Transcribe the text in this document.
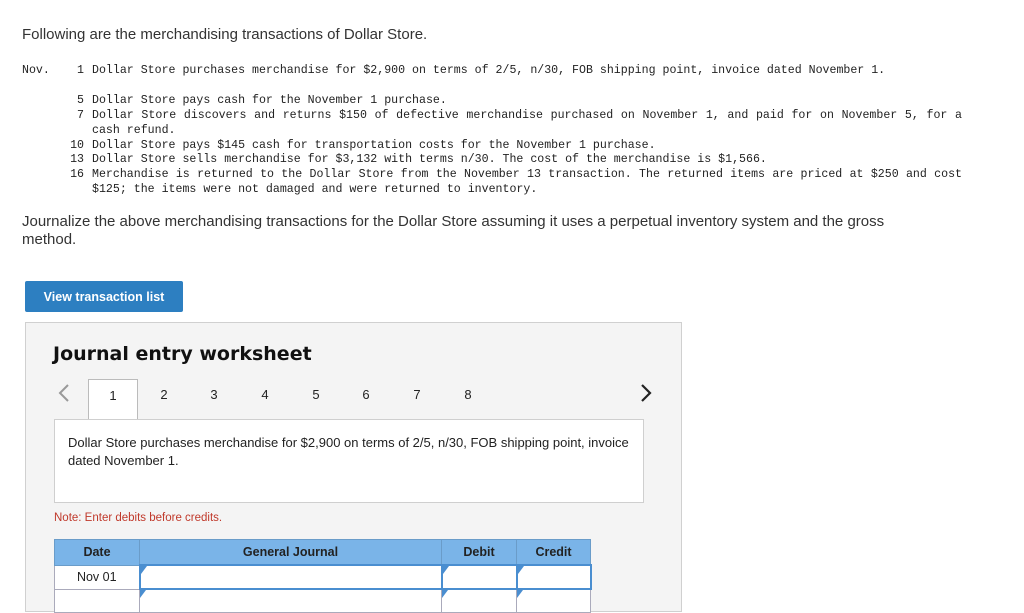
Following are the merchandising transactions of Dollar Store.
Nov.	1 Dollar Store purchases merchandise for $2,900 on terms of 2/5, n/30, FOB shipping point, invoice dated November 1.
5 Dollar Store pays cash for the November 1 purchase.
7 Dollar Store discovers and returns $150 of defective merchandise purchased on November 1, and paid for on November 5, for a cash refund.
10 Dollar Store pays $145 cash for transportation costs for the November 1 purchase.
13 Dollar Store sells merchandise for $3,132 with terms n/30. The cost of the merchandise is $1,566.
16 Merchandise is returned to the Dollar Store from the November 13 transaction. The returned items are priced at $250 and cost $125; the items were not damaged and were returned to inventory.
Journalize the above merchandising transactions for the Dollar Store assuming it uses a perpetual inventory system and the gross method.
View transaction list
Journal entry worksheet
1	2	3	4	5	6	7	8
Dollar Store purchases merchandise for $2,900 on terms of 2/5, n/30, FOB shipping point, invoice dated November 1.
Note: Enter debits before credits.
Date	General Journal	Debit	Credit
Nov 01	
